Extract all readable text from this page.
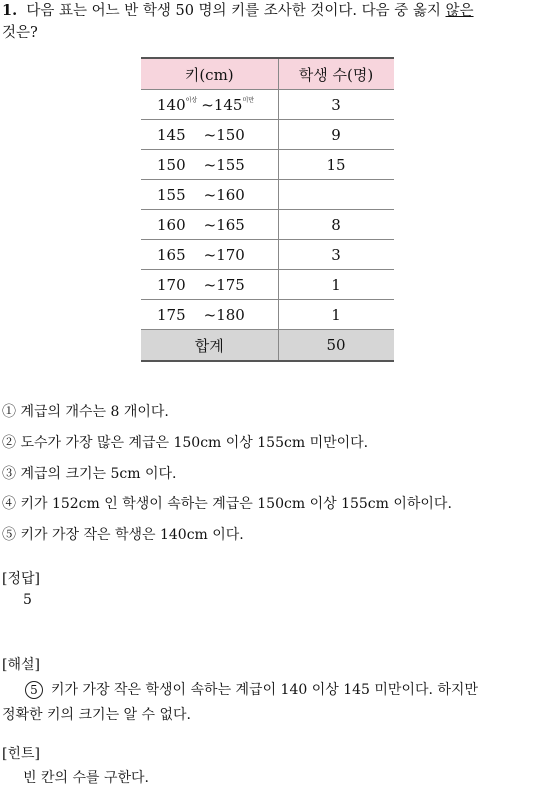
1. 다음 표는 어느 반 학생 50 명의 키를 조사한 것이다. 다음 중 옳지 않은
것은?
키(cm)	학생 수(명)
$140^{이상}$ $\sim 145^{미만}$	3
145 ~150	9
150 ~155	15
155 ~160	
160 ~165	8
165 ~170	3
170 ~175	1
175 ~180	1
합계	50
① 계급의 개수는 8 개이다.
② 도수가 가장 많은 계급은 150cm 이상 155cm 미만이다.
③ 계급의 크기는 5cm 이다.
④ 키가 152cm 인 학생이 속하는 계급은 150cm 이상 155cm 이하이다.
⑤ 키가 가장 작은 학생은 140cm 이다.
[정답]
5
[해설]
5 키가 가장 작은 학생이 속하는 계급이 140 이상 145 미만이다. 하지만
정확한 키의 크기는 알 수 없다.
[힌트]
빈 칸의 수를 구한다.
